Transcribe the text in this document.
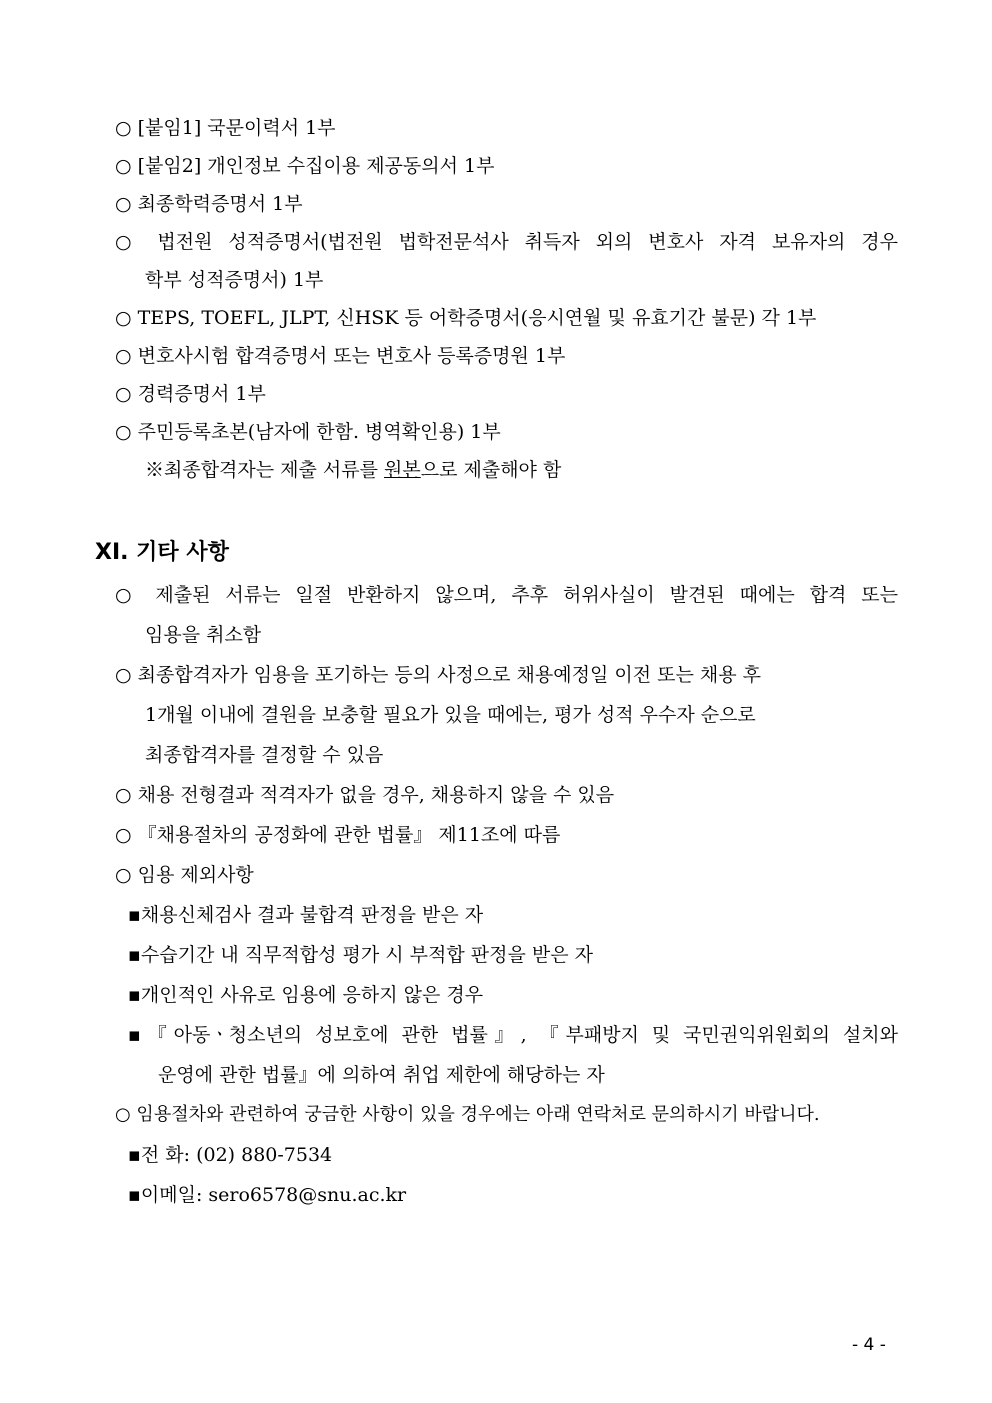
○ [붙임1] 국문이력서 1부
○ [붙임2] 개인정보 수집이용 제공동의서 1부
○ 최종학력증명서 1부
○ 법전원 성적증명서(법전원 법학전문석사 취득자 외의 변호사 자격 보유자의 경우
학부 성적증명서) 1부
○ TEPS, TOEFL, JLPT, 신HSK 등 어학증명서(응시연월 및 유효기간 불문) 각 1부
○ 변호사시험 합격증명서 또는 변호사 등록증명원 1부
○ 경력증명서 1부
○ 주민등록초본(남자에 한함. 병역확인용) 1부
※최종합격자는 제출 서류를 원본으로 제출해야 함
XI. 기타 사항
○ 제출된 서류는 일절 반환하지 않으며, 추후 허위사실이 발견된 때에는 합격 또는
임용을 취소함
○ 최종합격자가 임용을 포기하는 등의 사정으로 채용예정일 이전 또는 채용 후
1개월 이내에 결원을 보충할 필요가 있을 때에는, 평가 성적 우수자 순으로
최종합격자를 결정할 수 있음
○ 채용 전형결과 적격자가 없을 경우, 채용하지 않을 수 있음
○ 『채용절차의 공정화에 관한 법률』 제11조에 따름
○ 임용 제외사항
▪채용신체검사 결과 불합격 판정을 받은 자
▪수습기간 내 직무적합성 평가 시 부적합 판정을 받은 자
▪개인적인 사유로 임용에 응하지 않은 경우
▪『아동ㆍ청소년의 성보호에 관한 법률』, 『부패방지 및 국민권익위원회의 설치와
운영에 관한 법률』에 의하여 취업 제한에 해당하는 자
○ 임용절차와 관련하여 궁금한 사항이 있을 경우에는 아래 연락처로 문의하시기 바랍니다.
▪전 화: (02) 880-7534
▪이메일: sero6578@snu.ac.kr
- 4 -
